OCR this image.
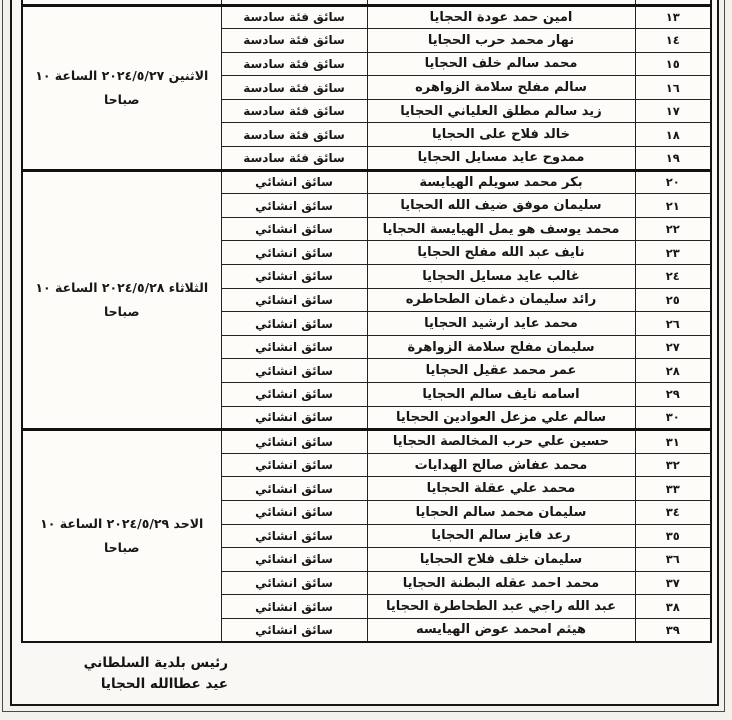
١٣	امين حمد عودة الحجايا	سائق فئة سادسة	الاثنين ٢٠٢٤/٥/٢٧ الساعة ١٠
صباحا

١٤	نهار محمد حرب الحجايا	سائق فئة سادسة	
١٥	محمد سالم خلف الحجايا	سائق فئة سادسة	
١٦	سالم مفلح سلامة الزواهره	سائق فئة سادسة	
١٧	زيد سالم مطلق العلياني الحجايا	سائق فئة سادسة	
١٨	خالد فلاح على الحجايا	سائق فئة سادسة	
١٩	ممدوح عايد مسايل الحجايا	سائق فئة سادسة	
٢٠	بكر محمد سويلم الهيايسة	سائق انشائي	الثلاثاء ٢٠٢٤/٥/٢٨ الساعة ١٠
صباحا

٢١	سليمان موفق ضيف الله الحجايا	سائق انشائي	
٢٢	محمد يوسف هو يمل الهيايسة الحجايا	سائق انشائي	
٢٣	نايف عبد الله مفلح الحجايا	سائق انشائي	
٢٤	غالب عايد مسايل الحجايا	سائق انشائي	
٢٥	رائد سليمان دغمان الطحاطره	سائق انشائي	
٢٦	محمد عايد ارشيد الحجايا	سائق انشائي	
٢٧	سليمان مفلح سلامة الزواهرة	سائق انشائي	
٢٨	عمر محمد عقيل الحجايا	سائق انشائي	
٢٩	اسامه نايف سالم الحجايا	سائق انشائي	
٣٠	سالم علي مزعل العوادين الحجايا	سائق انشائي	
٣١	حسين علي حرب المخالصة الحجايا	سائق انشائي	الاحد ٢٠٢٤/٥/٢٩ الساعة ١٠
صباحا

٣٢	محمد عفاش صالح الهدايات	سائق انشائي	
٣٣	محمد علي عقلة الحجايا	سائق انشائي	
٣٤	سليمان محمد سالم الحجايا	سائق انشائي	
٣٥	رعد فايز سالم الحجايا	سائق انشائي	
٣٦	سليمان خلف فلاح الحجايا	سائق انشائي	
٣٧	محمد احمد عقله البطنة الحجايا	سائق انشائي	
٣٨	عبد الله راجي عبد الطحاطرة الحجايا	سائق انشائي	
٣٩	هيثم امحمد عوض الهيايسه	سائق انشائي	
رئيس بلدية السلطاني
عيد عطاالله الحجايا
